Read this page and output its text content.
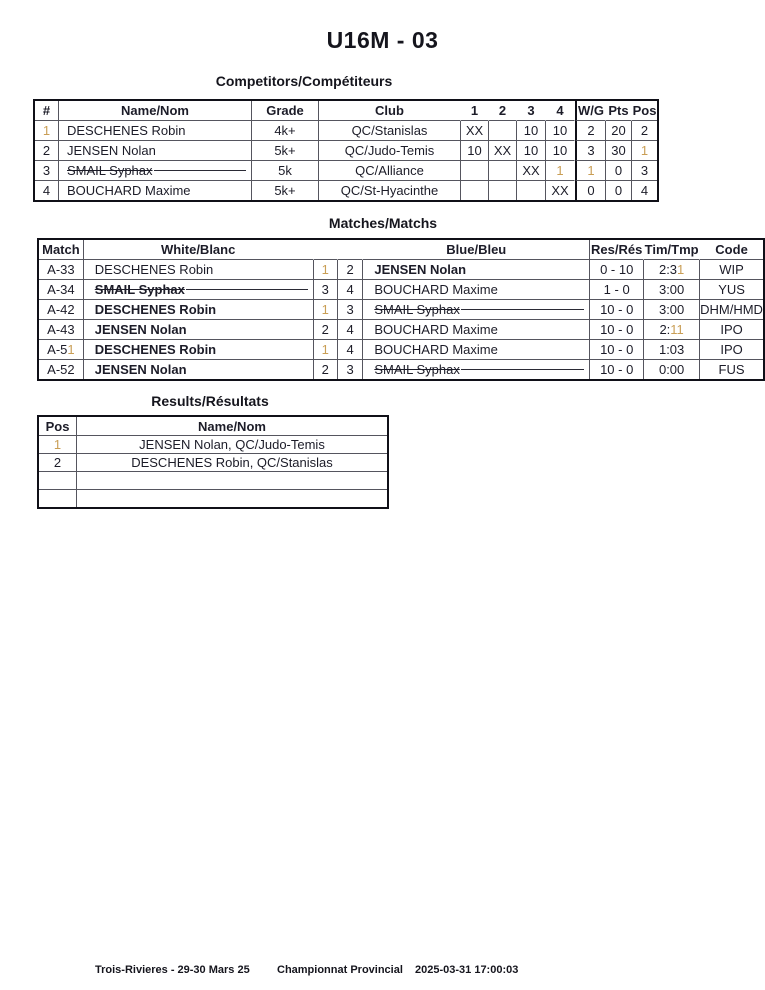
U16M - 03
Competitors/Compétiteurs
#	Name/Nom	Grade	Club	1	2	3	4	W/G	Pts	Pos
1	DESCHENES Robin	4k+	QC/Stanislas	XX		10	10	2	20	2
2	JENSEN Nolan	5k+	QC/Judo-Temis	10	XX	10	10	3	30	1
3	SMAIL Syphax	5k	QC/Alliance			XX	1	1	0	3
4	BOUCHARD Maxime	5k+	QC/St-Hyacinthe				XX	0	0	4
Matches/Matchs
Match	White/Blanc			Blue/Bleu	Res/Rés	Tim/Tmp	Code
A-33	DESCHENES Robin	1	2	JENSEN Nolan	0 - 10	2:31	WIP
A-34	SMAIL Syphax	3	4	BOUCHARD Maxime	1 - 0	3:00	YUS
A-42	DESCHENES Robin	1	3	SMAIL Syphax	10 - 0	3:00	DHM/HMD
A-43	JENSEN Nolan	2	4	BOUCHARD Maxime	10 - 0	2:11	IPO
A-51	DESCHENES Robin	1	4	BOUCHARD Maxime	10 - 0	1:03	IPO
A-52	JENSEN Nolan	2	3	SMAIL Syphax	10 - 0	0:00	FUS
Results/Résultats
Pos	Name/Nom
1	JENSEN Nolan, QC/Judo-Temis
2	DESCHENES Robin, QC/Stanislas

Trois-Rivieres - 29-30 Mars 25 Championnat Provincial 2025-03-31 17:00:03
